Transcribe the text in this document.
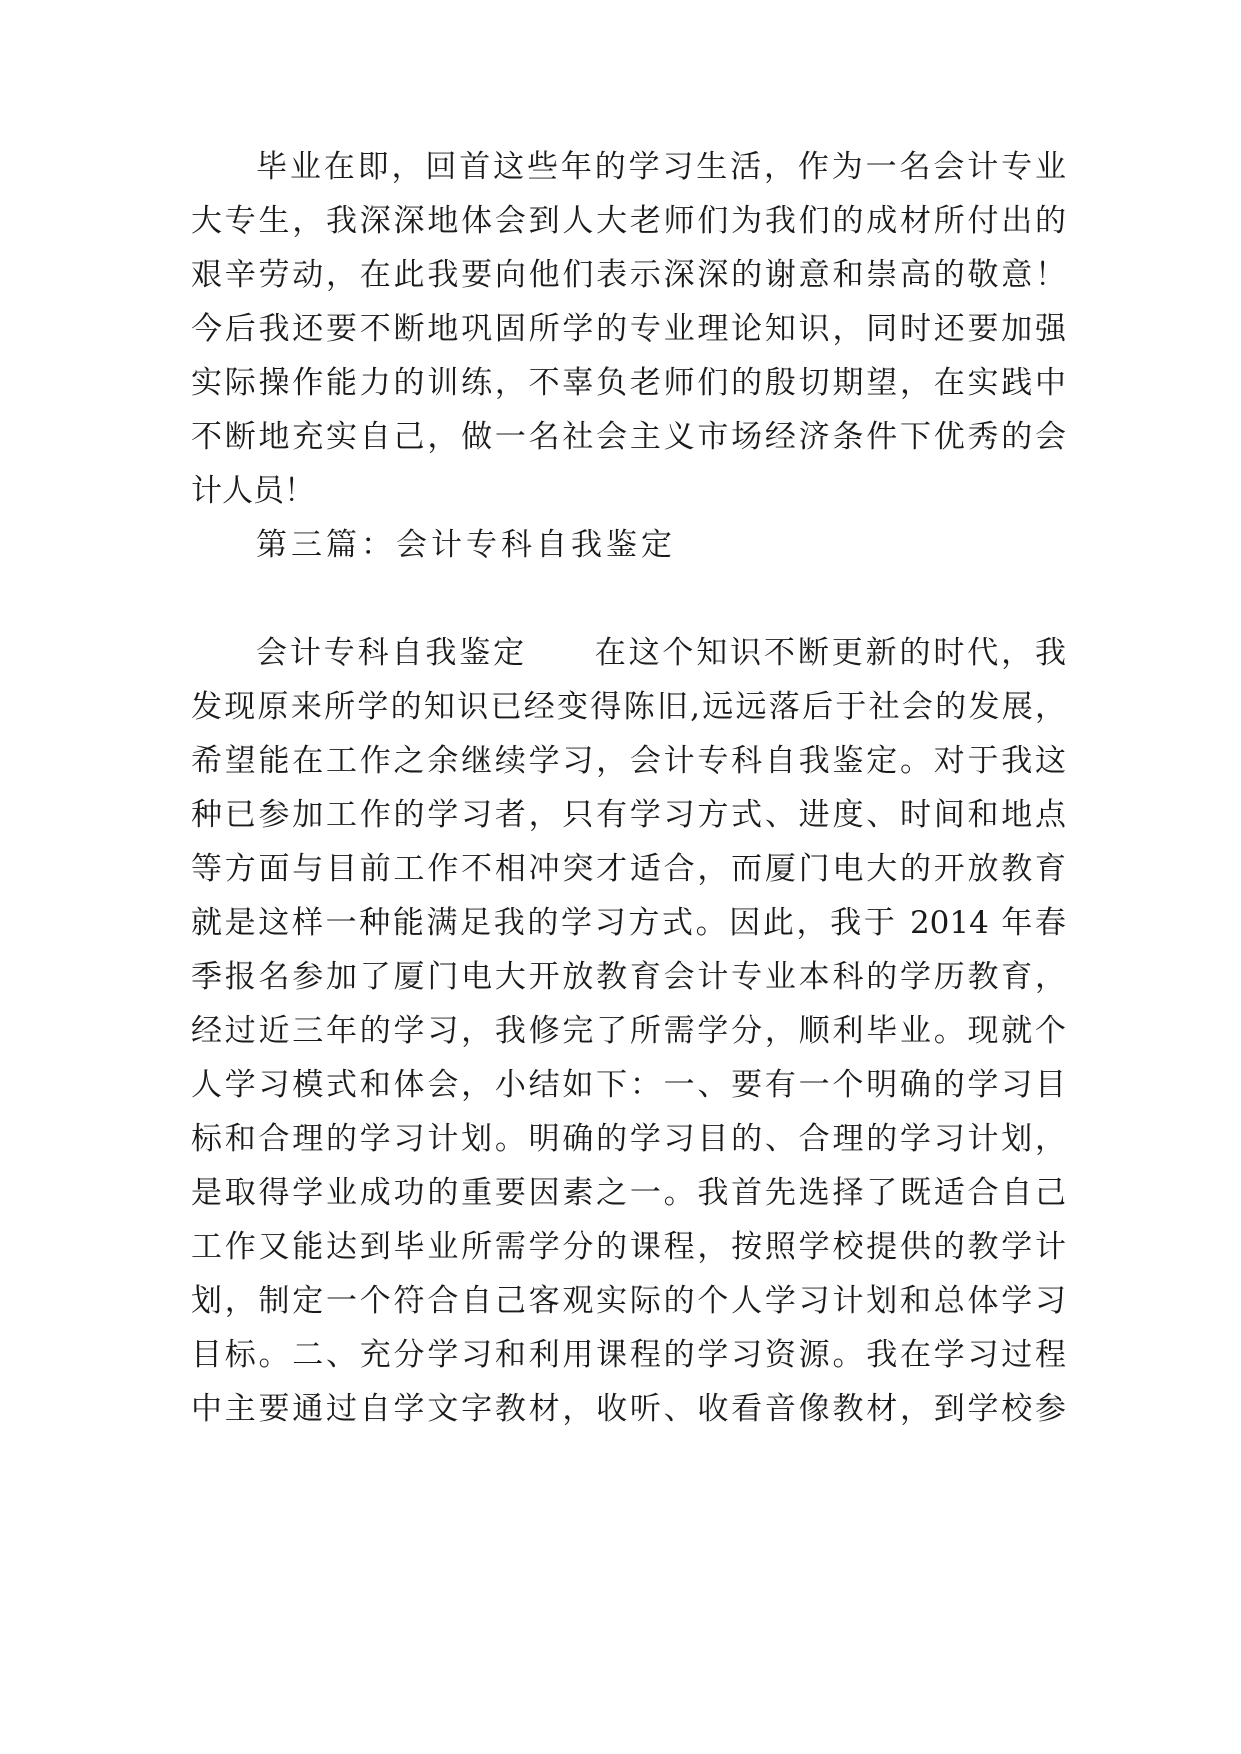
毕业在即，回首这些年的学习生活，作为一名会计专业
大专生，我深深地体会到人大老师们为我们的成材所付出的
艰辛劳动，在此我要向他们表示深深的谢意和崇高的敬意！
今后我还要不断地巩固所学的专业理论知识，同时还要加强
实际操作能力的训练，不辜负老师们的殷切期望，在实践中
不断地充实自己，做一名社会主义市场经济条件下优秀的会
计人员！
第三篇：会计专科自我鉴定
会计专科自我鉴定　　在这个知识不断更新的时代，我
发现原来所学的知识已经变得陈旧,远远落后于社会的发展，
希望能在工作之余继续学习，会计专科自我鉴定。对于我这
种已参加工作的学习者，只有学习方式、进度、时间和地点
等方面与目前工作不相冲突才适合，而厦门电大的开放教育
就是这样一种能满足我的学习方式。因此，我于 2014 年春
季报名参加了厦门电大开放教育会计专业本科的学历教育，
经过近三年的学习，我修完了所需学分，顺利毕业。现就个
人学习模式和体会，小结如下：一、要有一个明确的学习目
标和合理的学习计划。明确的学习目的、合理的学习计划，
是取得学业成功的重要因素之一。我首先选择了既适合自己
工作又能达到毕业所需学分的课程，按照学校提供的教学计
划，制定一个符合自己客观实际的个人学习计划和总体学习
目标。二、充分学习和利用课程的学习资源。我在学习过程
中主要通过自学文字教材，收听、收看音像教材，到学校参
